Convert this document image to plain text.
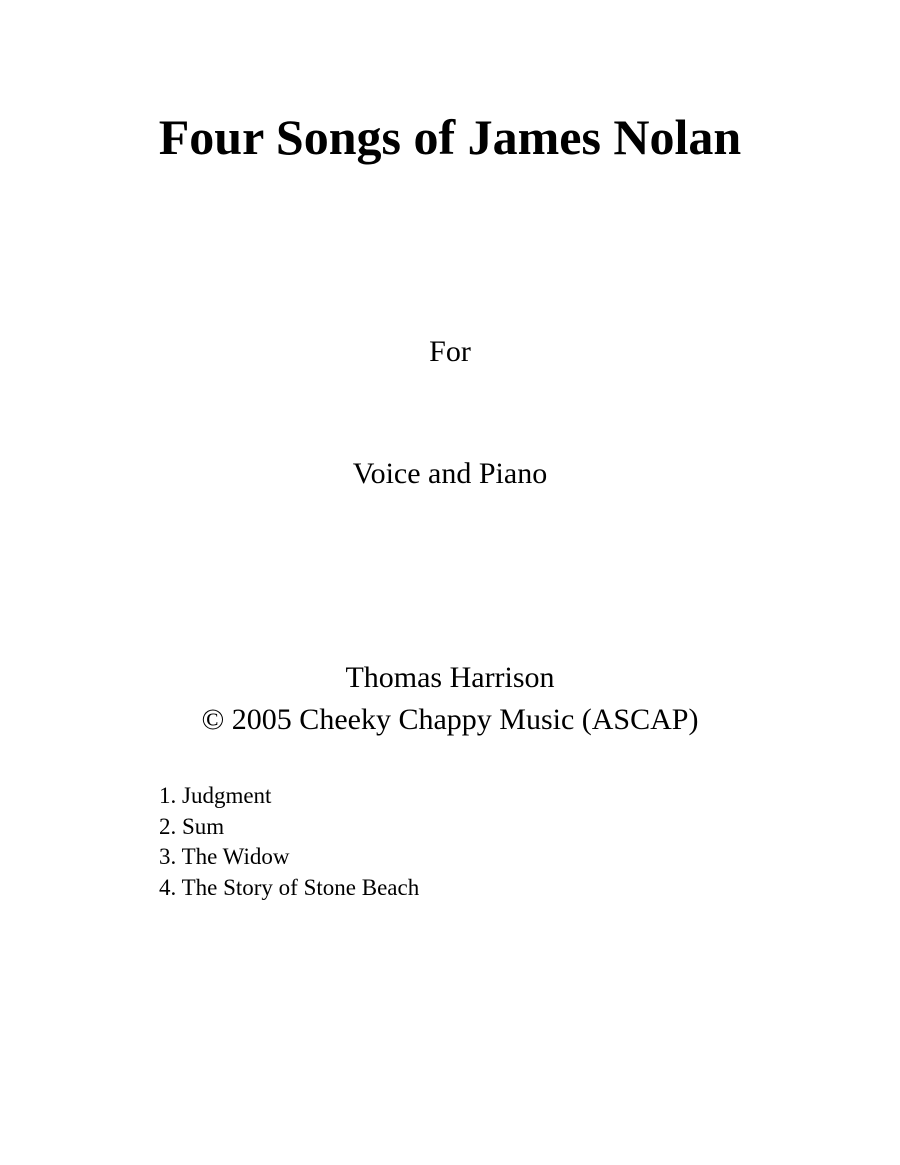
Four Songs of James Nolan

For

Voice and Piano

Thomas Harrison

© 2005 Cheeky Chappy Music (ASCAP)

1. Judgment
2. Sum
3. The Widow
4. The Story of Stone Beach
